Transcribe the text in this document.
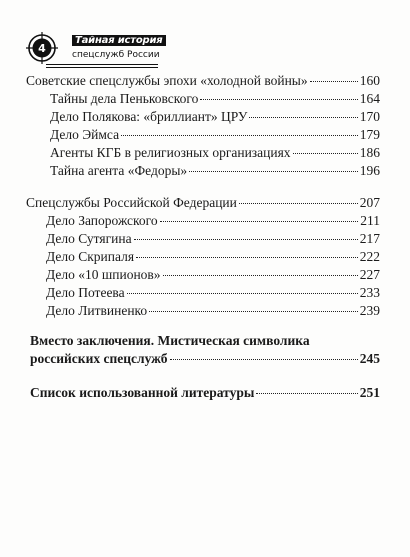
4
Тайная история
спецслужб России
Советские спецслужбы эпохи «холодной войны»	160
Тайны дела Пеньковского	164
Дело Полякова: «бриллиант» ЦРУ	170
Дело Эймса	179
Агенты КГБ в религиозных организациях	186
Тайна агента «Федоры»	196
Спецслужбы Российской Федерации	207
Дело Запорожского	211
Дело Сутягина	217
Дело Скрипаля	222
Дело «10 шпионов»	227
Дело Потеева	233
Дело Литвиненко	239
Вместо заключения. Мистическая символика
российских спецслужб	245
Список использованной литературы	251
